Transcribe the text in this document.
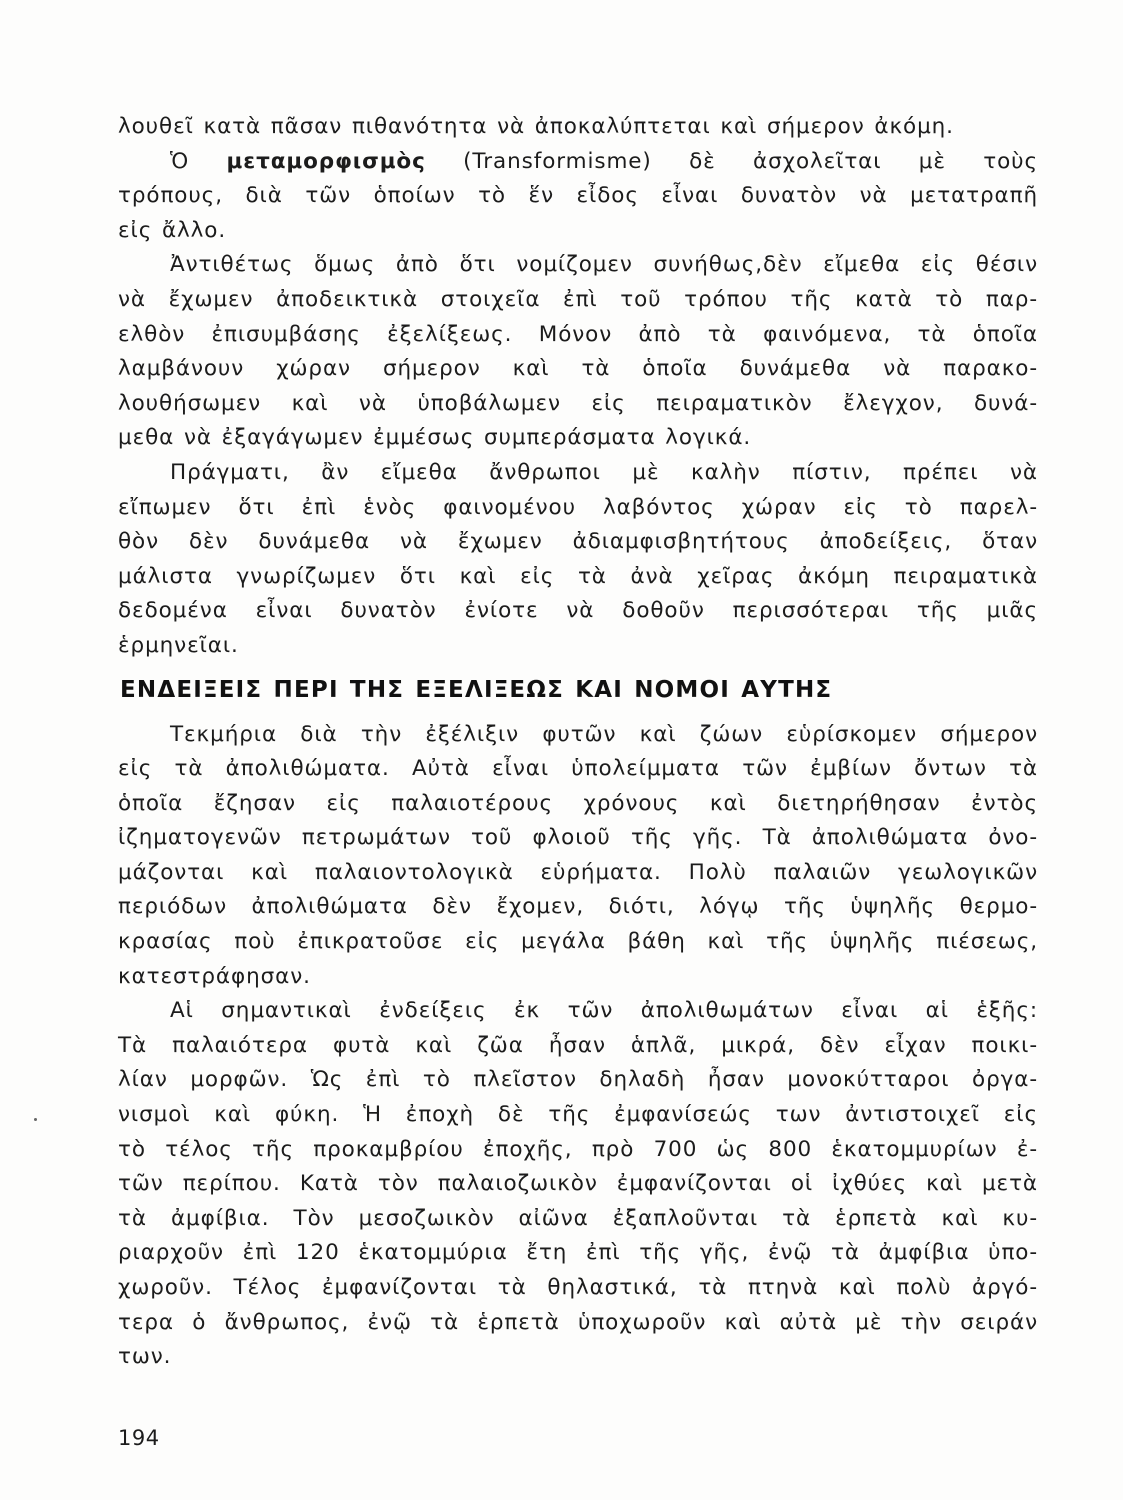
λουθεῖ κατὰ πᾶσαν πιθανότητα νὰ ἀποκαλύπτεται καὶ σήμερον ἀκόμη.

Ὁ μεταμορφισμὸς (Transformisme) δὲ ἀσχολεῖται μὲ τοὺς
τρόπους, διὰ τῶν ὁποίων τὸ ἕν εἶδος εἶναι δυνατὸν νὰ μετατραπῆ
εἰς ἄλλο.

Ἀντιθέτως ὅμως ἀπὸ ὅτι νομίζομεν συνήθως,δὲν εἴμεθα εἰς θέσιν
νὰ ἔχωμεν ἀποδεικτικὰ στοιχεῖα ἐπὶ τοῦ τρόπου τῆς κατὰ τὸ παρ-
ελθὸν ἐπισυμβάσης ἐξελίξεως. Μόνον ἀπὸ τὰ φαινόμενα, τὰ ὁποῖα
λαμβάνουν χώραν σήμερον καὶ τὰ ὁποῖα δυνάμεθα νὰ παρακο-
λουθήσωμεν καὶ νὰ ὑποβάλωμεν εἰς πειραματικὸν ἔλεγχον, δυνά-
μεθα νὰ ἐξαγάγωμεν ἐμμέσως συμπεράσματα λογικά.

Πράγματι, ἂν εἴμεθα ἄνθρωποι μὲ καλὴν πίστιν, πρέπει νὰ
εἴπωμεν ὅτι ἐπὶ ἑνὸς φαινομένου λαβόντος χώραν εἰς τὸ παρελ-
θὸν δὲν δυνάμεθα νὰ ἔχωμεν ἀδιαμφισβητήτους ἀποδείξεις, ὅταν
μάλιστα γνωρίζωμεν ὅτι καὶ εἰς τὰ ἀνὰ χεῖρας ἀκόμη πειραματικὰ
δεδομένα εἶναι δυνατὸν ἐνίοτε νὰ δοθοῦν περισσότεραι τῆς μιᾶς
ἑρμηνεῖαι.

ΕΝΔΕΙΞΕΙΣ ΠΕΡΙ ΤΗΣ ΕΞΕΛΙΞΕΩΣ ΚΑΙ ΝΟΜΟΙ ΑΥΤΗΣ

Τεκμήρια διὰ τὴν ἐξέλιξιν φυτῶν καὶ ζώων εὑρίσκομεν σήμερον
εἰς τὰ ἀπολιθώματα. Αὐτὰ εἶναι ὑπολείμματα τῶν ἐμβίων ὄντων τὰ
ὁποῖα ἔζησαν εἰς παλαιοτέρους χρόνους καὶ διετηρήθησαν ἐντὸς
ἰζηματογενῶν πετρωμάτων τοῦ φλοιοῦ τῆς γῆς. Τὰ ἀπολιθώματα ὀνο-
μάζονται καὶ παλαιοντολογικὰ εὑρήματα. Πολὺ παλαιῶν γεωλογικῶν
περιόδων ἀπολιθώματα δὲν ἔχομεν, διότι, λόγῳ τῆς ὑψηλῆς θερμο-
κρασίας ποὺ ἐπικρατοῦσε εἰς μεγάλα βάθη καὶ τῆς ὑψηλῆς πιέσεως,
κατεστράφησαν.

Αἱ σημαντικαὶ ἐνδείξεις ἐκ τῶν ἀπολιθωμάτων εἶναι αἱ ἑξῆς:
Τὰ παλαιότερα φυτὰ καὶ ζῶα ἦσαν ἁπλᾶ, μικρά, δὲν εἶχαν ποικι-
λίαν μορφῶν. Ὡς ἐπὶ τὸ πλεῖστον δηλαδὴ ἦσαν μονοκύτταροι ὀργα-
νισμοὶ καὶ φύκη. Ἡ ἐποχὴ δὲ τῆς ἐμφανίσεώς των ἀντιστοιχεῖ εἰς
τὸ τέλος τῆς προκαμβρίου ἐποχῆς, πρὸ 700 ὡς 800 ἑκατομμυρίων ἐ-
τῶν περίπου. Κατὰ τὸν παλαιοζωικὸν ἐμφανίζονται οἱ ἰχθύες καὶ μετὰ
τὰ ἀμφίβια. Τὸν μεσοζωικὸν αἰῶνα ἐξαπλοῦνται τὰ ἑρπετὰ καὶ κυ-
ριαρχοῦν ἐπὶ 120 ἑκατομμύρια ἔτη ἐπὶ τῆς γῆς, ἐνῷ τὰ ἀμφίβια ὑπο-
χωροῦν. Τέλος ἐμφανίζονται τὰ θηλαστικά, τὰ πτηνὰ καὶ πολὺ ἀργό-
τερα ὁ ἄνθρωπος, ἐνῷ τὰ ἑρπετὰ ὑποχωροῦν καὶ αὐτὰ μὲ τὴν σειράν
των.

194
